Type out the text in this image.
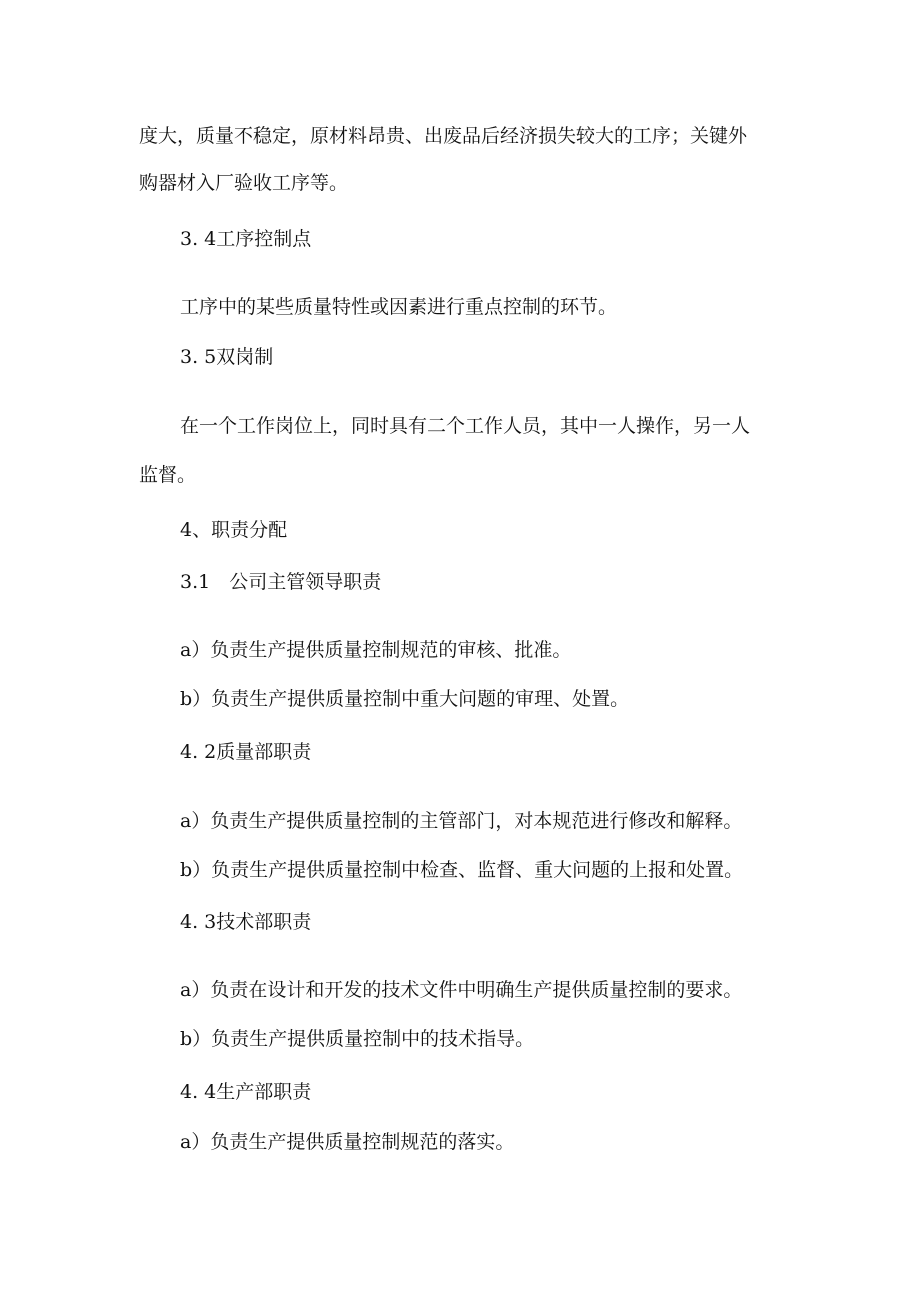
度大，质量不稳定，原材料昂贵、出废品后经济损失较大的工序；关键外
购器材入厂验收工序等。
3. 4工序控制点
工序中的某些质量特性或因素进行重点控制的环节。
3. 5双岗制
在一个工作岗位上，同时具有二个工作人员，其中一人操作，另一人
监督。
4、职责分配
3.1　公司主管领导职责
a）负责生产提供质量控制规范的审核、批准。
b）负责生产提供质量控制中重大问题的审理、处置。
4. 2质量部职责
a）负责生产提供质量控制的主管部门，对本规范进行修改和解释。
b）负责生产提供质量控制中检查、监督、重大问题的上报和处置。
4. 3技术部职责
a）负责在设计和开发的技术文件中明确生产提供质量控制的要求。
b）负责生产提供质量控制中的技术指导。
4. 4生产部职责
a）负责生产提供质量控制规范的落实。
